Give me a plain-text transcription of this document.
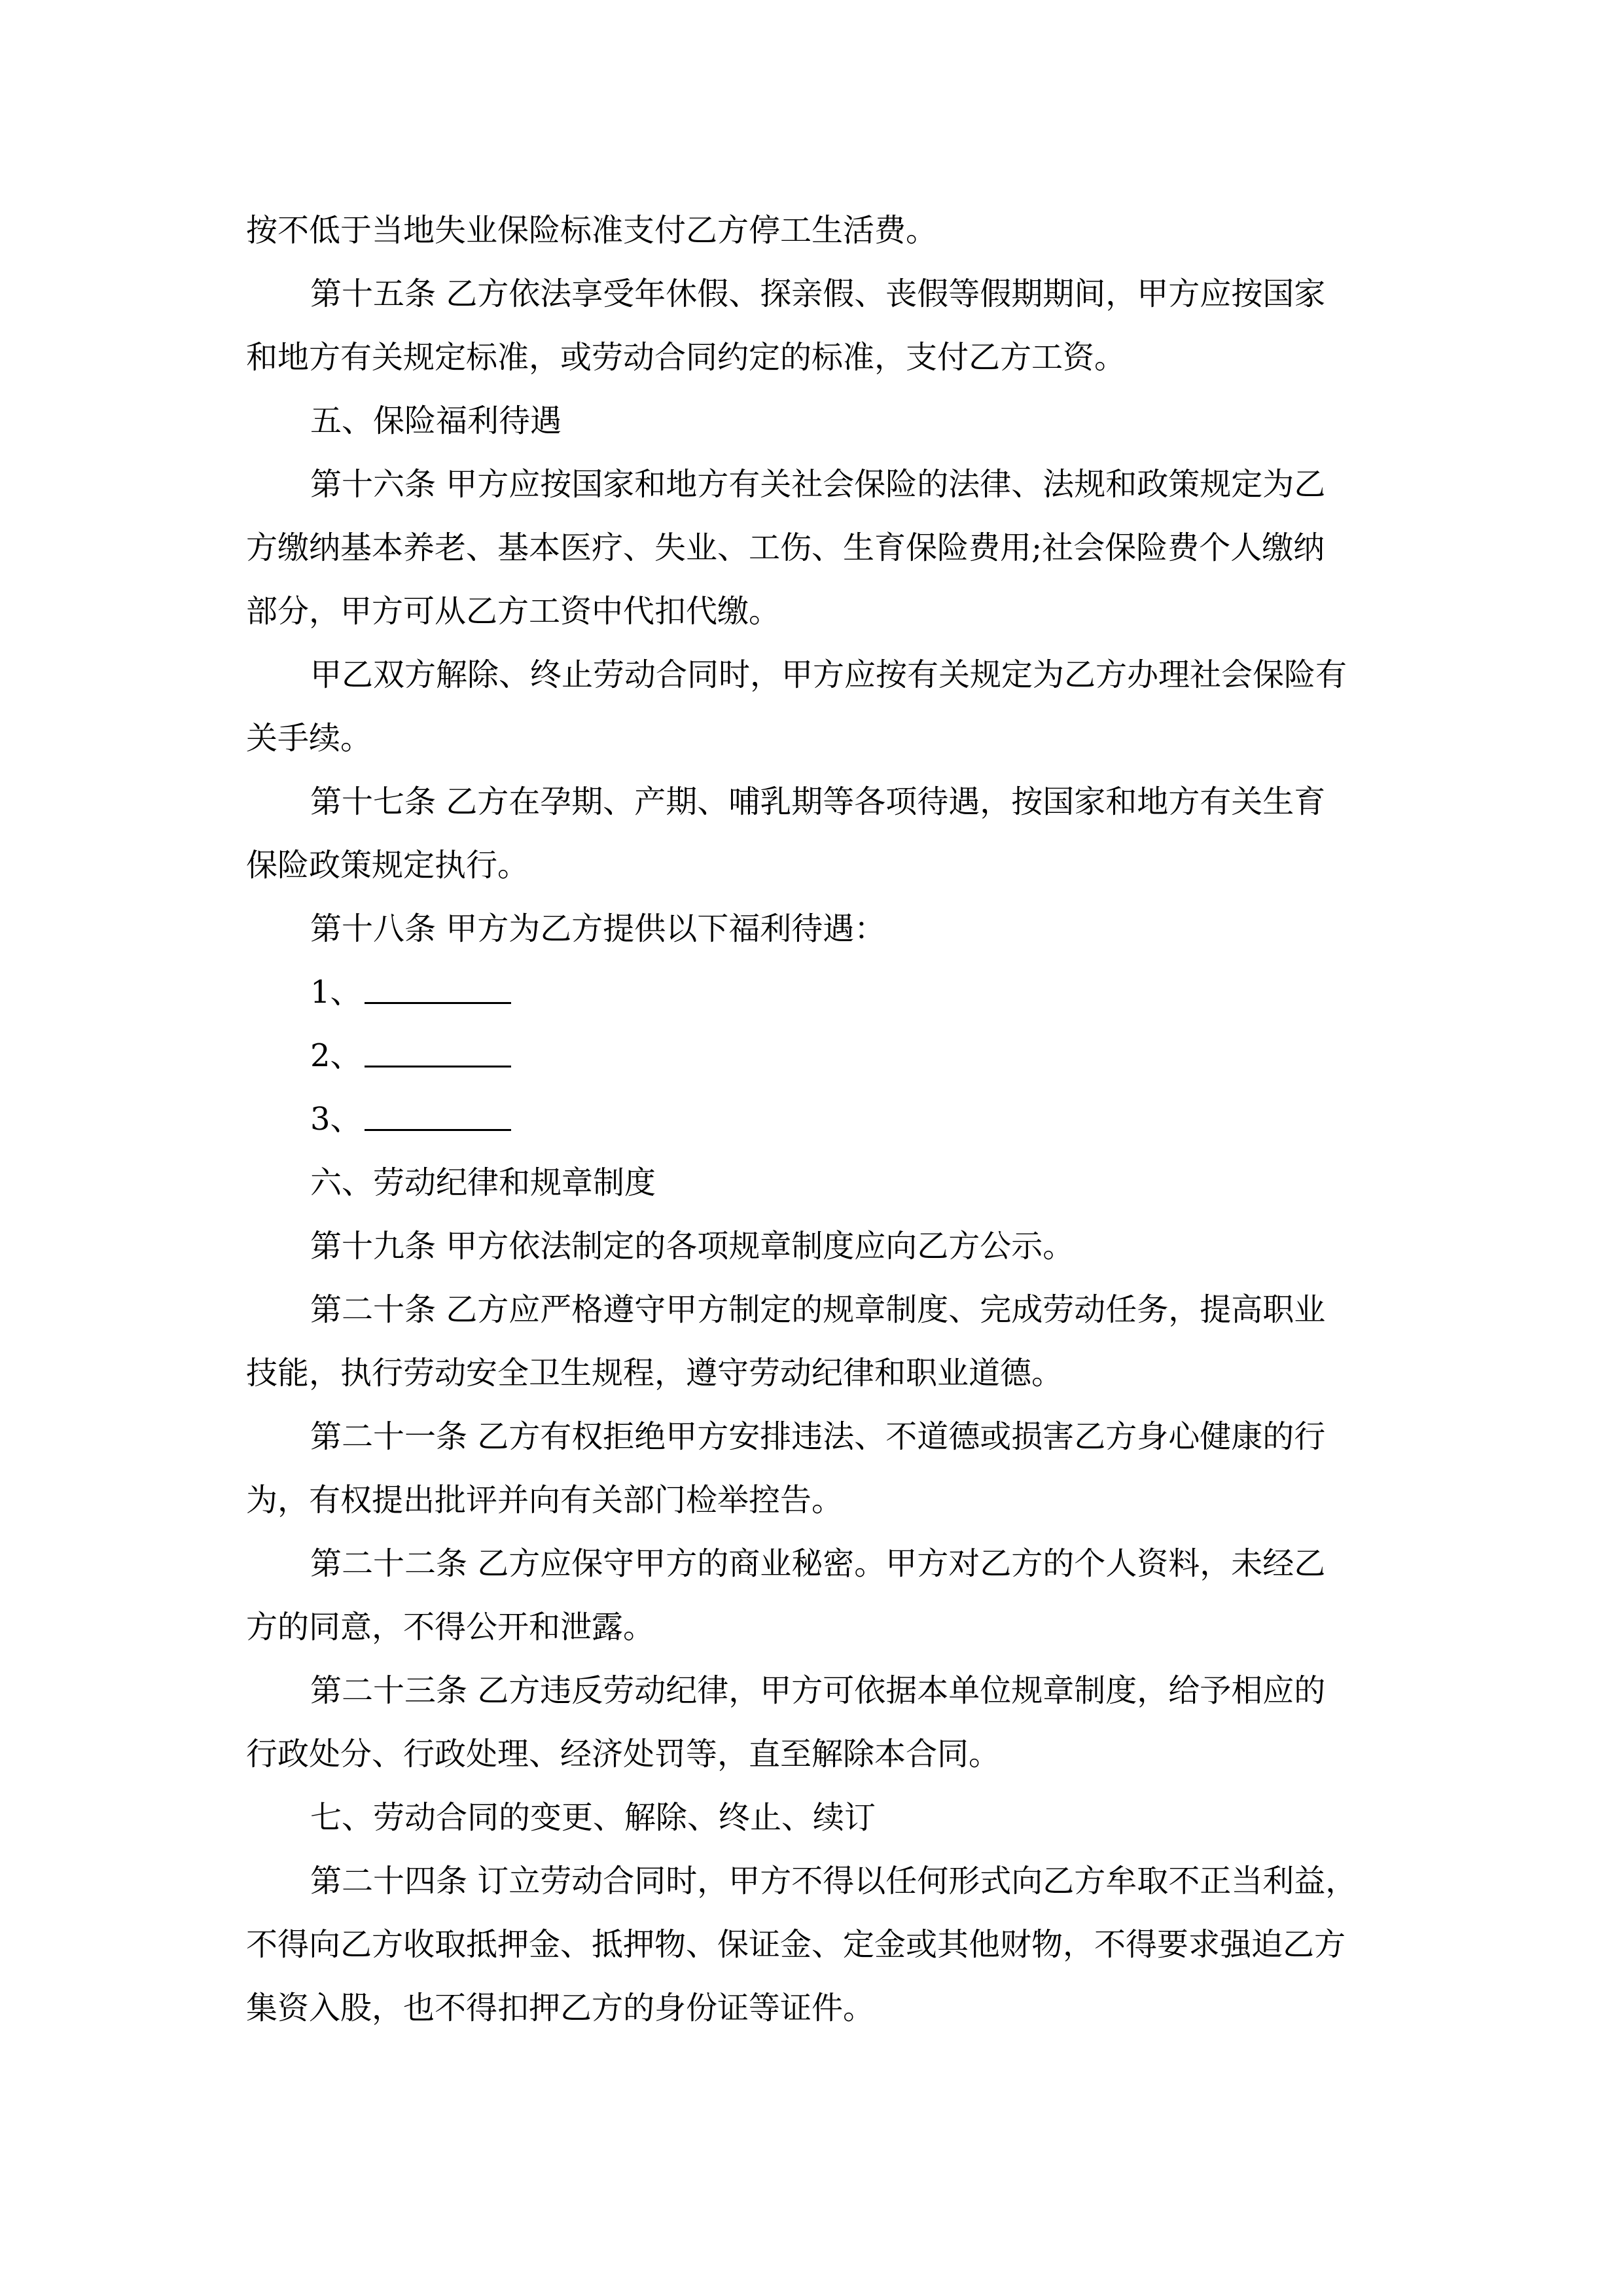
按不低于当地失业保险标准支付乙方停工生活费。
第十五条 乙方依法享受年休假、探亲假、丧假等假期期间，甲方应按国家
和地方有关规定标准，或劳动合同约定的标准，支付乙方工资。
五、保险福利待遇
第十六条 甲方应按国家和地方有关社会保险的法律、法规和政策规定为乙
方缴纳基本养老、基本医疗、失业、工伤、生育保险费用;社会保险费个人缴纳
部分，甲方可从乙方工资中代扣代缴。
甲乙双方解除、终止劳动合同时，甲方应按有关规定为乙方办理社会保险有
关手续。
第十七条 乙方在孕期、产期、哺乳期等各项待遇，按国家和地方有关生育
保险政策规定执行。
第十八条 甲方为乙方提供以下福利待遇：
1、
2、
3、
六、劳动纪律和规章制度
第十九条 甲方依法制定的各项规章制度应向乙方公示。
第二十条 乙方应严格遵守甲方制定的规章制度、完成劳动任务，提高职业
技能，执行劳动安全卫生规程，遵守劳动纪律和职业道德。
第二十一条 乙方有权拒绝甲方安排违法、不道德或损害乙方身心健康的行
为，有权提出批评并向有关部门检举控告。
第二十二条 乙方应保守甲方的商业秘密。甲方对乙方的个人资料，未经乙
方的同意，不得公开和泄露。
第二十三条 乙方违反劳动纪律，甲方可依据本单位规章制度，给予相应的
行政处分、行政处理、经济处罚等，直至解除本合同。
七、劳动合同的变更、解除、终止、续订
第二十四条 订立劳动合同时，甲方不得以任何形式向乙方牟取不正当利益，
不得向乙方收取抵押金、抵押物、保证金、定金或其他财物，不得要求强迫乙方
集资入股，也不得扣押乙方的身份证等证件。
